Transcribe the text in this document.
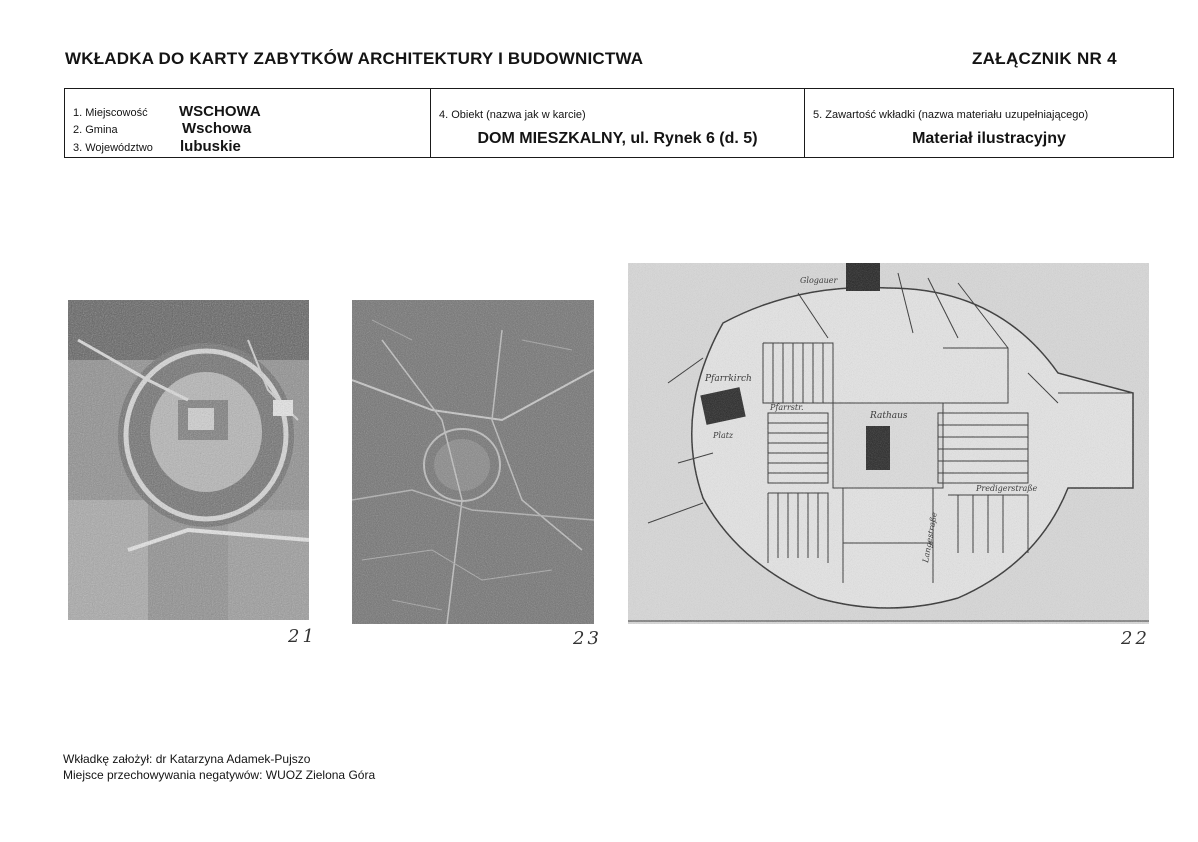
WKŁADKA DO KARTY ZABYTKÓW ARCHITEKTURY I BUDOWNICTWA	ZAŁĄCZNIK NR 4
1. Miejscowość WSCHOWA
2. Gmina	Wschowa
3. Województwo lubuskie
4. Obiekt (nazwa jak w karcie)
DOM MIESZKALNY, ul. Rynek 6 (d. 5)
5. Zawartość wkładki (nazwa materiału uzupełniającego)
Materiał ilustracyjny
21	23	22
Wkładkę założył: dr Katarzyna Adamek-Pujszo
Miejsce przechowywania negatywów: WUOZ Zielona Góra
